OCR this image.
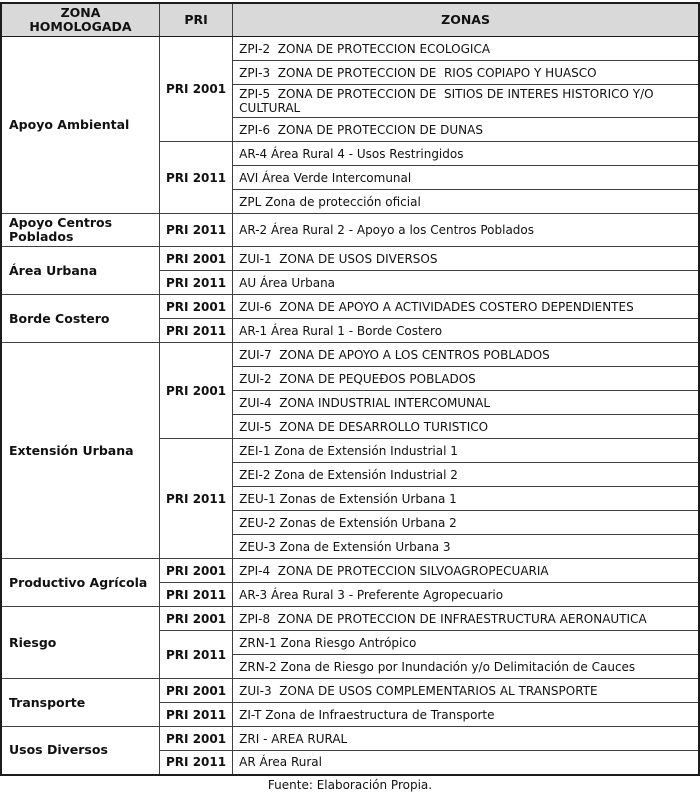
ZONA HOMOLOGADA	PRI	ZONAS
Apoyo Ambiental	PRI 2001	ZPI-2  ZONA DE PROTECCION ECOLOGICA
		ZPI-3  ZONA DE PROTECCION DE  RIOS COPIAPO Y HUASCO
		ZPI-5  ZONA DE PROTECCION DE  SITIOS DE INTERES HISTORICO Y/O CULTURAL
		ZPI-6  ZONA DE PROTECCION DE DUNAS
	PRI 2011	AR-4 Área Rural 4 - Usos Restringidos
		AVI Área Verde Intercomunal
		ZPL Zona de protección oficial
Apoyo Centros Poblados	PRI 2011	AR-2 Área Rural 2 - Apoyo a los Centros Poblados
Área Urbana	PRI 2001	ZUI-1  ZONA DE USOS DIVERSOS
	PRI 2011	AU Área Urbana
Borde Costero	PRI 2001	ZUI-6  ZONA DE APOYO A ACTIVIDADES COSTERO DEPENDIENTES
	PRI 2011	AR-1 Área Rural 1 - Borde Costero
Extensión Urbana	PRI 2001	ZUI-7  ZONA DE APOYO A LOS CENTROS POBLADOS
		ZUI-2  ZONA DE PEQUEÐOS POBLADOS
		ZUI-4  ZONA INDUSTRIAL INTERCOMUNAL
		ZUI-5  ZONA DE DESARROLLO TURISTICO
	PRI 2011	ZEI-1 Zona de Extensión Industrial 1
		ZEI-2 Zona de Extensión Industrial 2
		ZEU-1 Zonas de Extensión Urbana 1
		ZEU-2 Zonas de Extensión Urbana 2
		ZEU-3 Zona de Extensión Urbana 3
Productivo Agrícola	PRI 2001	ZPI-4  ZONA DE PROTECCION SILVOAGROPECUARIA
	PRI 2011	AR-3 Área Rural 3 - Preferente Agropecuario
Riesgo	PRI 2001	ZPI-8  ZONA DE PROTECCION DE INFRAESTRUCTURA AERONAUTICA
	PRI 2011	ZRN-1 Zona Riesgo Antrópico
		ZRN-2 Zona de Riesgo por Inundación y/o Delimitación de Cauces
Transporte	PRI 2001	ZUI-3  ZONA DE USOS COMPLEMENTARIOS AL TRANSPORTE
	PRI 2011	ZI-T Zona de Infraestructura de Transporte
Usos Diversos	PRI 2001	ZRI - AREA RURAL
	PRI 2011	AR Área Rural
Fuente: Elaboración Propia.
